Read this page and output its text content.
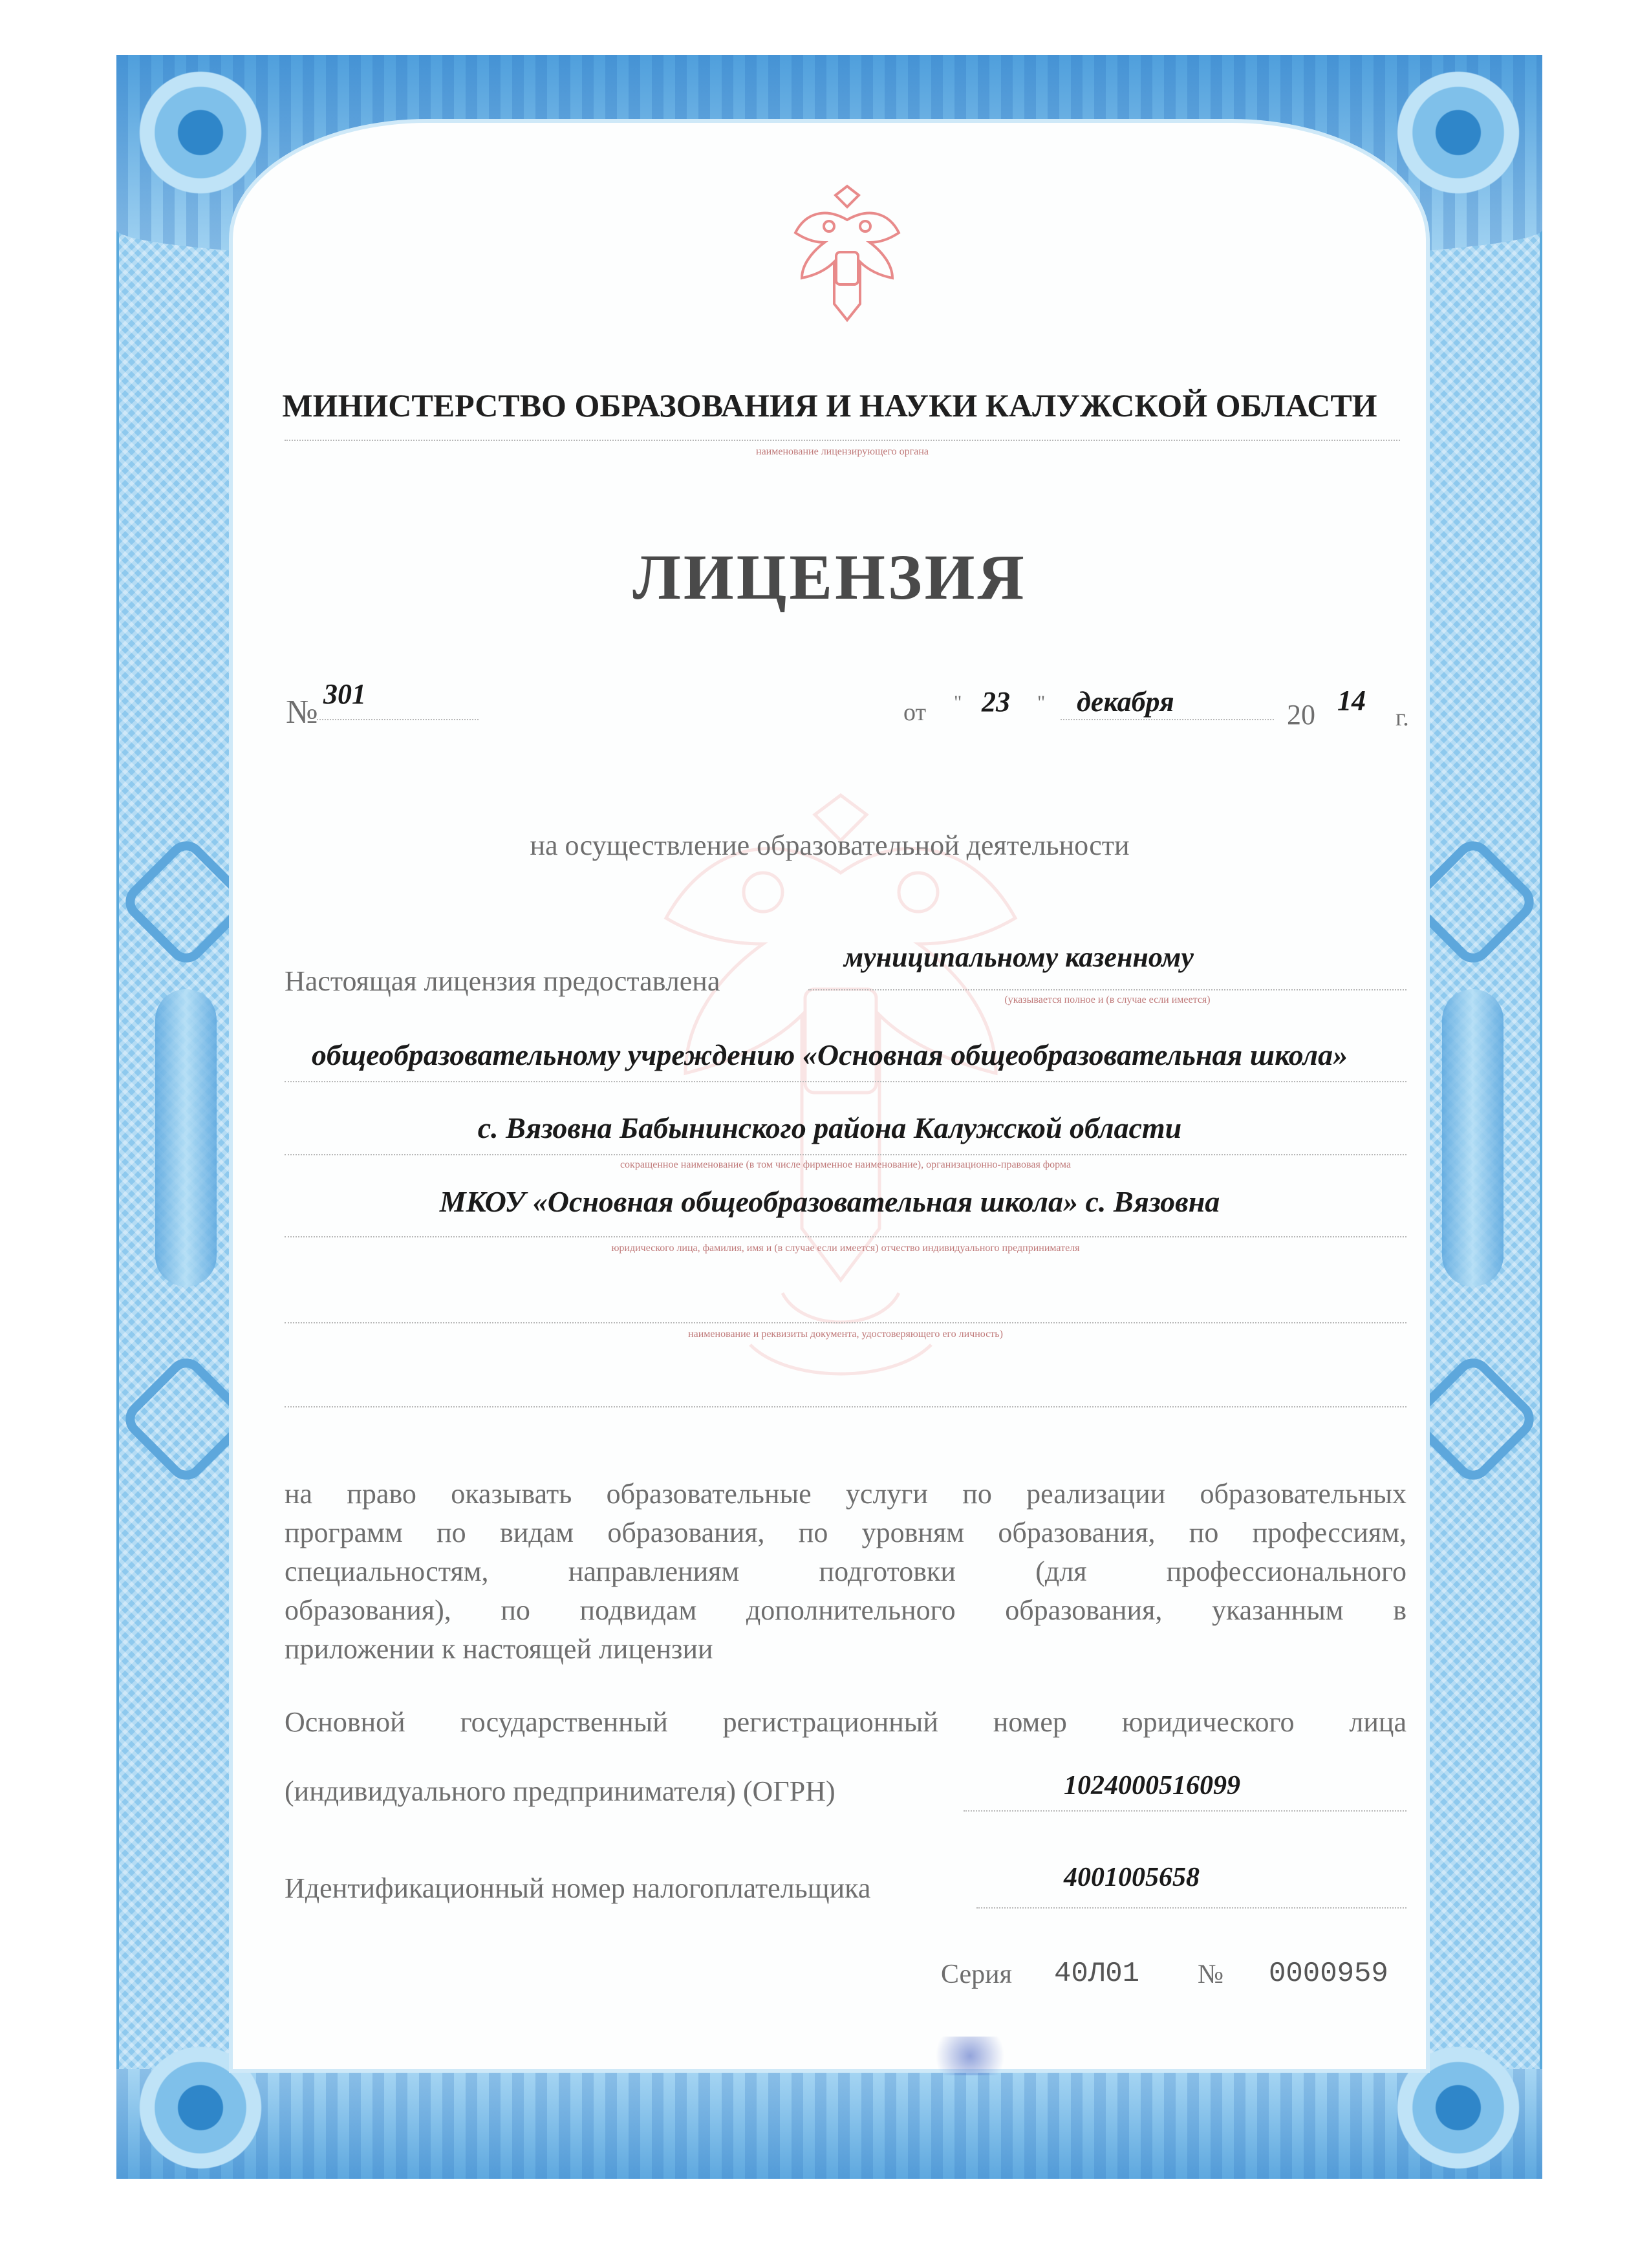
МИНИСТЕРСТВО ОБРАЗОВАНИЯ И НАУКИ КАЛУЖСКОЙ ОБЛАСТИ
наименование лицензирующего органа
ЛИЦЕНЗИЯ
№ 301
от " 23 " декабря	20 14
г.
на осуществление образовательной деятельности
Настоящая лицензия предоставлена
муниципальному казенному
(указывается полное и (в случае если имеется)
общеобразовательному учреждению «Основная общеобразовательная школа»
с. Вязовна Бабынинского района Калужской области
сокращенное наименование (в том числе фирменное наименование), организационно-правовая форма
МКОУ «Основная общеобразовательная школа» с. Вязовна
юридического лица, фамилия, имя и (в случае если имеется) отчество индивидуального предпринимателя
наименование и реквизиты документа, удостоверяющего его личность)
на право оказывать образовательные услуги по реализации образовательных
программ по видам образования, по уровням образования, по профессиям,
специальностям, направлениям подготовки (для профессионального
образования), по подвидам дополнительного образования, указанным в
приложении к настоящей лицензии
Основной государственный регистрационный номер юридического лица
(индивидуального предпринимателя) (ОГРН)	1024000516099
Идентификационный номер налогоплательщика	4001005658
Серия 40Л01 № 0000959
